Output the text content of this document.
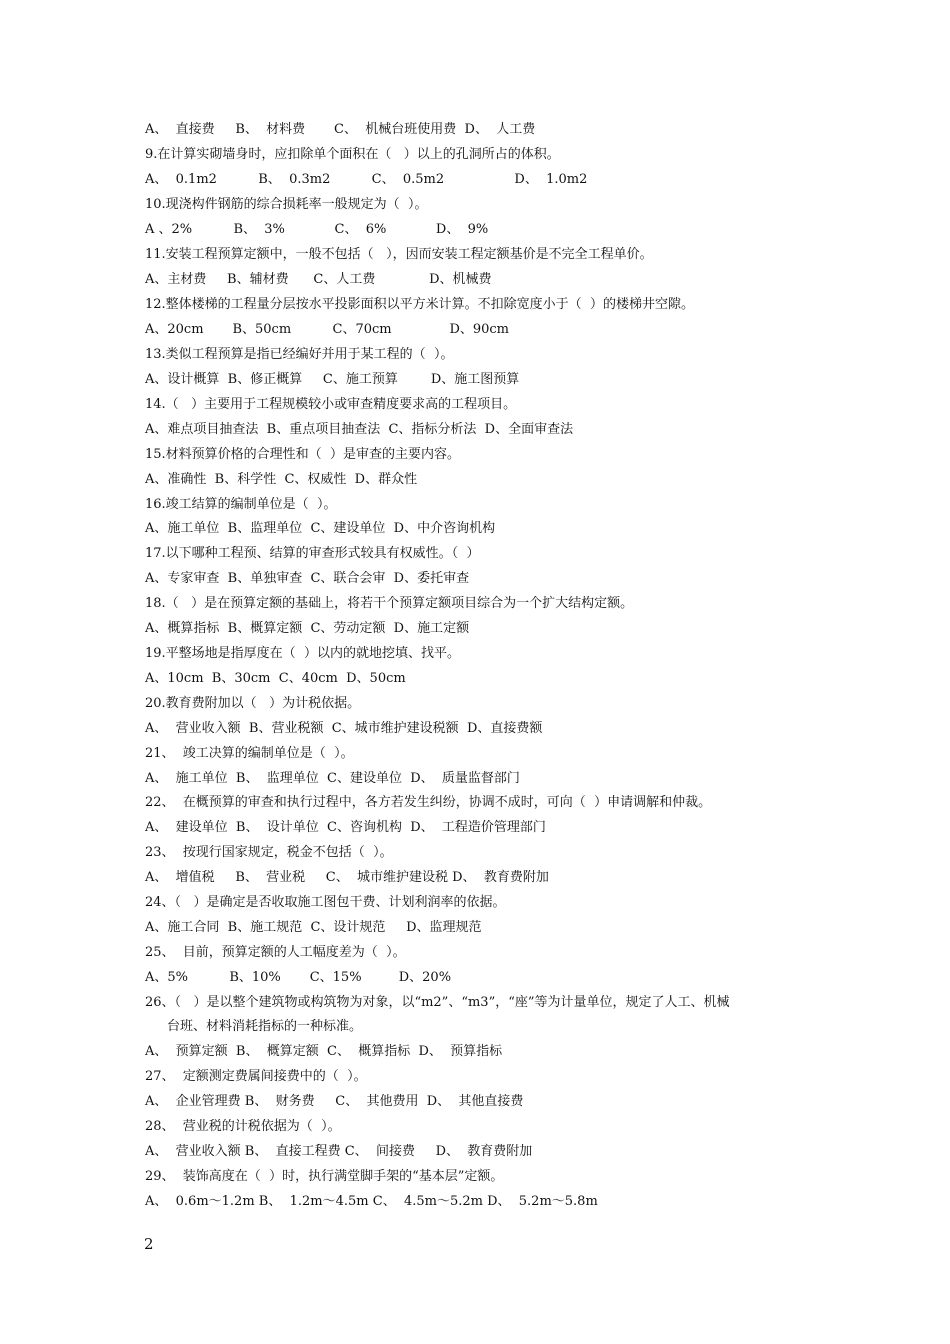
A、  直接费     B、  材料费       C、  机械台班使用费  D、  人工费
9.在计算实砌墙身时，应扣除单个面积在（   ）以上的孔洞所占的体积。
A、  0.1m2          B、  0.3m2          C、  0.5m2                 D、  1.0m2
10.现浇构件钢筋的综合损耗率一般规定为（  ）。
A 、2%          B、  3%            C、  6%            D、  9%
11.安装工程预算定额中，一般不包括（   ），因而安装工程定额基价是不完全工程单价。
A、主材费     B、辅材费      C、人工费             D、机械费
12.整体楼梯的工程量分层按水平投影面积以平方米计算。不扣除宽度小于（  ）的楼梯井空隙。
A、20cm       B、50cm          C、70cm              D、90cm
13.类似工程预算是指已经编好并用于某工程的（  ）。
A、设计概算  B、修正概算     C、施工预算        D、施工图预算
14.（   ）主要用于工程规模较小或审查精度要求高的工程项目。
A、难点项目抽查法  B、重点项目抽查法  C、指标分析法  D、全面审查法
15.材料预算价格的合理性和（  ）是审查的主要内容。
A、准确性  B、科学性  C、权威性  D、群众性
16.竣工结算的编制单位是（  ）。
A、施工单位  B、监理单位  C、建设单位  D、中介咨询机构
17.以下哪种工程预、结算的审查形式较具有权威性。（  ）
A、专家审查  B、单独审查  C、联合会审  D、委托审查
18.（   ）是在预算定额的基础上，将若干个预算定额项目综合为一个扩大结构定额。
A、概算指标  B、概算定额  C、劳动定额  D、施工定额
19.平整场地是指厚度在（  ）以内的就地挖填、找平。
A、10cm  B、30cm  C、40cm  D、50cm
20.教育费附加以（   ）为计税依据。
A、  营业收入额  B、营业税额  C、城市维护建设税额  D、直接费额
21、  竣工决算的编制单位是（  ）。
A、  施工单位  B、  监理单位  C、建设单位  D、  质量监督部门
22、  在概预算的审查和执行过程中，各方若发生纠纷，协调不成时，可向（  ）申请调解和仲裁。
A、  建设单位  B、  设计单位  C、咨询机构  D、  工程造价管理部门
23、  按现行国家规定，税金不包括（  ）。
A、  增值税     B、  营业税     C、  城市维护建设税 D、  教育费附加
24、（   ）是确定是否收取施工图包干费、计划利润率的依据。
A、施工合同  B、施工规范  C、设计规范     D、监理规范
25、  目前，预算定额的人工幅度差为（  ）。
A、5%          B、10%       C、15%         D、20%
26、（   ）是以整个建筑物或构筑物为对象，以“m2”、“m3”，“座”等为计量单位，规定了人工、机械
台班、材料消耗指标的一种标准。
A、  预算定额  B、  概算定额  C、  概算指标  D、  预算指标
27、  定额测定费属间接费中的（  ）。
A、  企业管理费 B、  财务费     C、  其他费用  D、  其他直接费
28、  营业税的计税依据为（  ）。
A、  营业收入额 B、  直接工程费 C、  间接费     D、  教育费附加
29、  装饰高度在（  ）时，执行满堂脚手架的“基本层”定额。
A、  0.6m～1.2m B、  1.2m～4.5m C、  4.5m～5.2m D、  5.2m～5.8m
2
